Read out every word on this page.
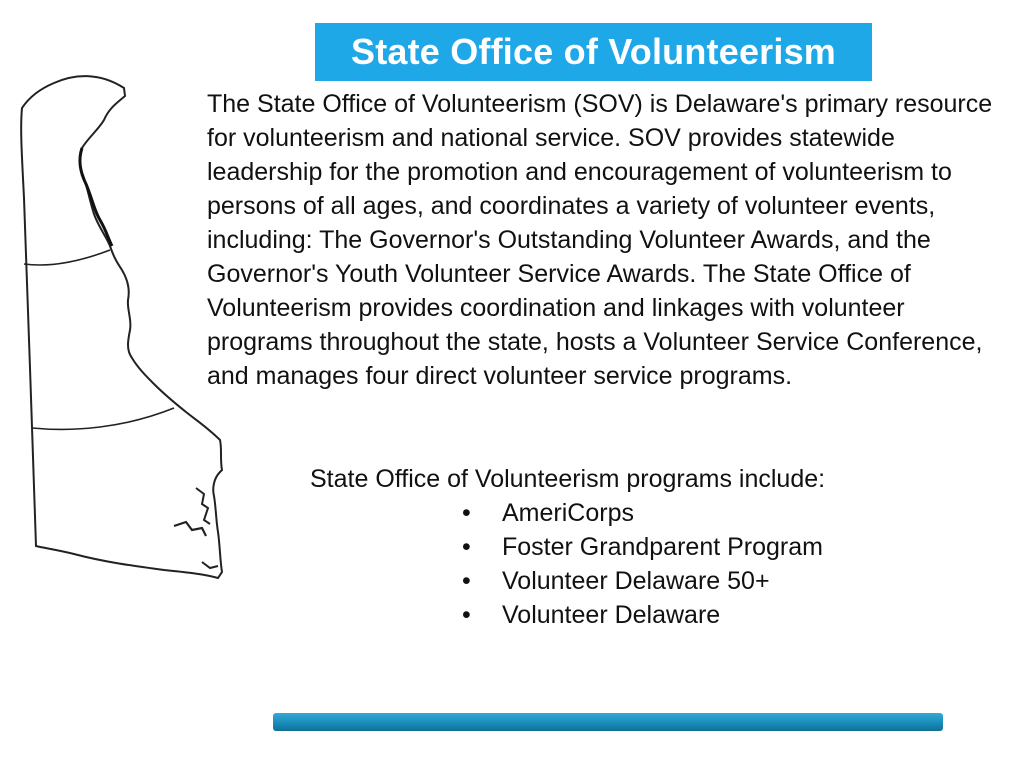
State Office of Volunteerism

The State Office of Volunteerism (SOV) is Delaware's primary resource for volunteerism and national service. SOV provides statewide leadership for the promotion and encouragement of volunteerism to persons of all ages, and coordinates a variety of volunteer events, including: The Governor's Outstanding Volunteer Awards, and the Governor's Youth Volunteer Service Awards. The State Office of Volunteerism provides coordination and linkages with volunteer programs throughout the state, hosts a Volunteer Service Conference, and manages four direct volunteer service programs.

State Office of Volunteerism programs include:

• AmeriCorps
• Foster Grandparent Program
• Volunteer Delaware 50+
• Volunteer Delaware
